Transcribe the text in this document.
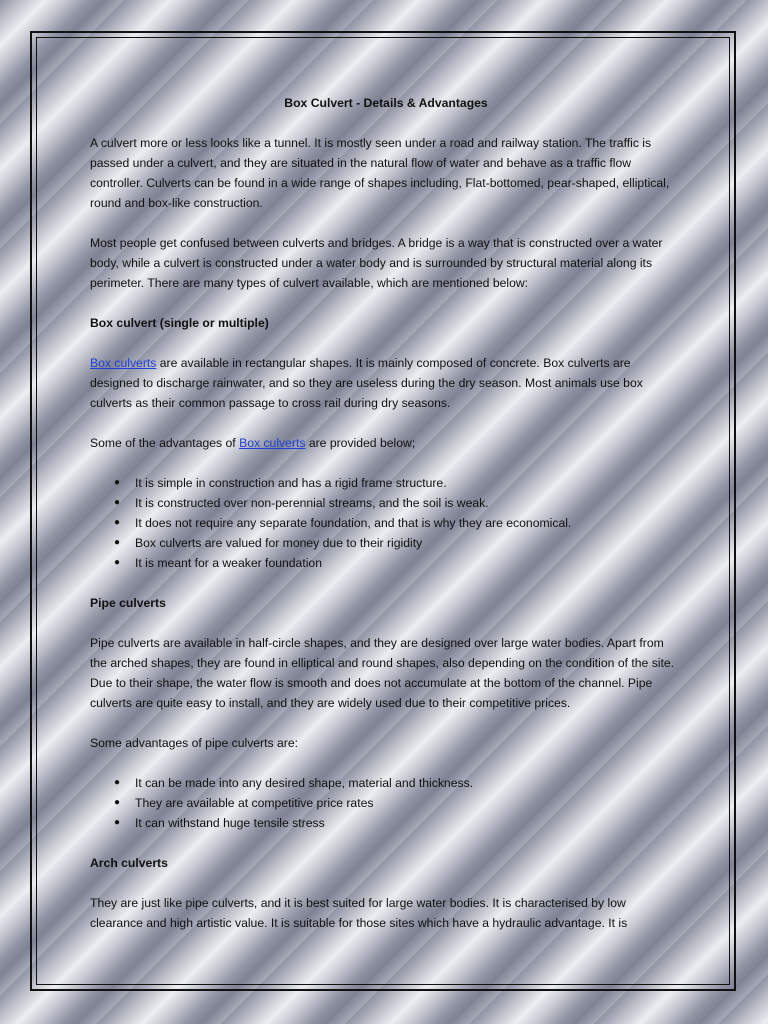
Box Culvert - Details & Advantages

A culvert more or less looks like a tunnel. It is mostly seen under a road and railway station. The traffic is passed under a culvert, and they are situated in the natural flow of water and behave as a traffic flow controller. Culverts can be found in a wide range of shapes including, Flat-bottomed, pear-shaped, elliptical, round and box-like construction.

Most people get confused between culverts and bridges. A bridge is a way that is constructed over a water body, while a culvert is constructed under a water body and is surrounded by structural material along its perimeter. There are many types of culvert available, which are mentioned below:

Box culvert (single or multiple)

Box culverts are available in rectangular shapes. It is mainly composed of concrete. Box culverts are designed to discharge rainwater, and so they are useless during the dry season. Most animals use box culverts as their common passage to cross rail during dry seasons.

Some of the advantages of Box culverts are provided below;

● It is simple in construction and has a rigid frame structure.
● It is constructed over non-perennial streams, and the soil is weak.
● It does not require any separate foundation, and that is why they are economical.
● Box culverts are valued for money due to their rigidity
● It is meant for a weaker foundation
Pipe culverts

Pipe culverts are available in half-circle shapes, and they are designed over large water bodies. Apart from the arched shapes, they are found in elliptical and round shapes, also depending on the condition of the site. Due to their shape, the water flow is smooth and does not accumulate at the bottom of the channel. Pipe culverts are quite easy to install, and they are widely used due to their competitive prices.

Some advantages of pipe culverts are:

● It can be made into any desired shape, material and thickness.
● They are available at competitive price rates
● It can withstand huge tensile stress
Arch culverts

They are just like pipe culverts, and it is best suited for large water bodies. It is characterised by low clearance and high artistic value. It is suitable for those sites which have a hydraulic advantage. It is
